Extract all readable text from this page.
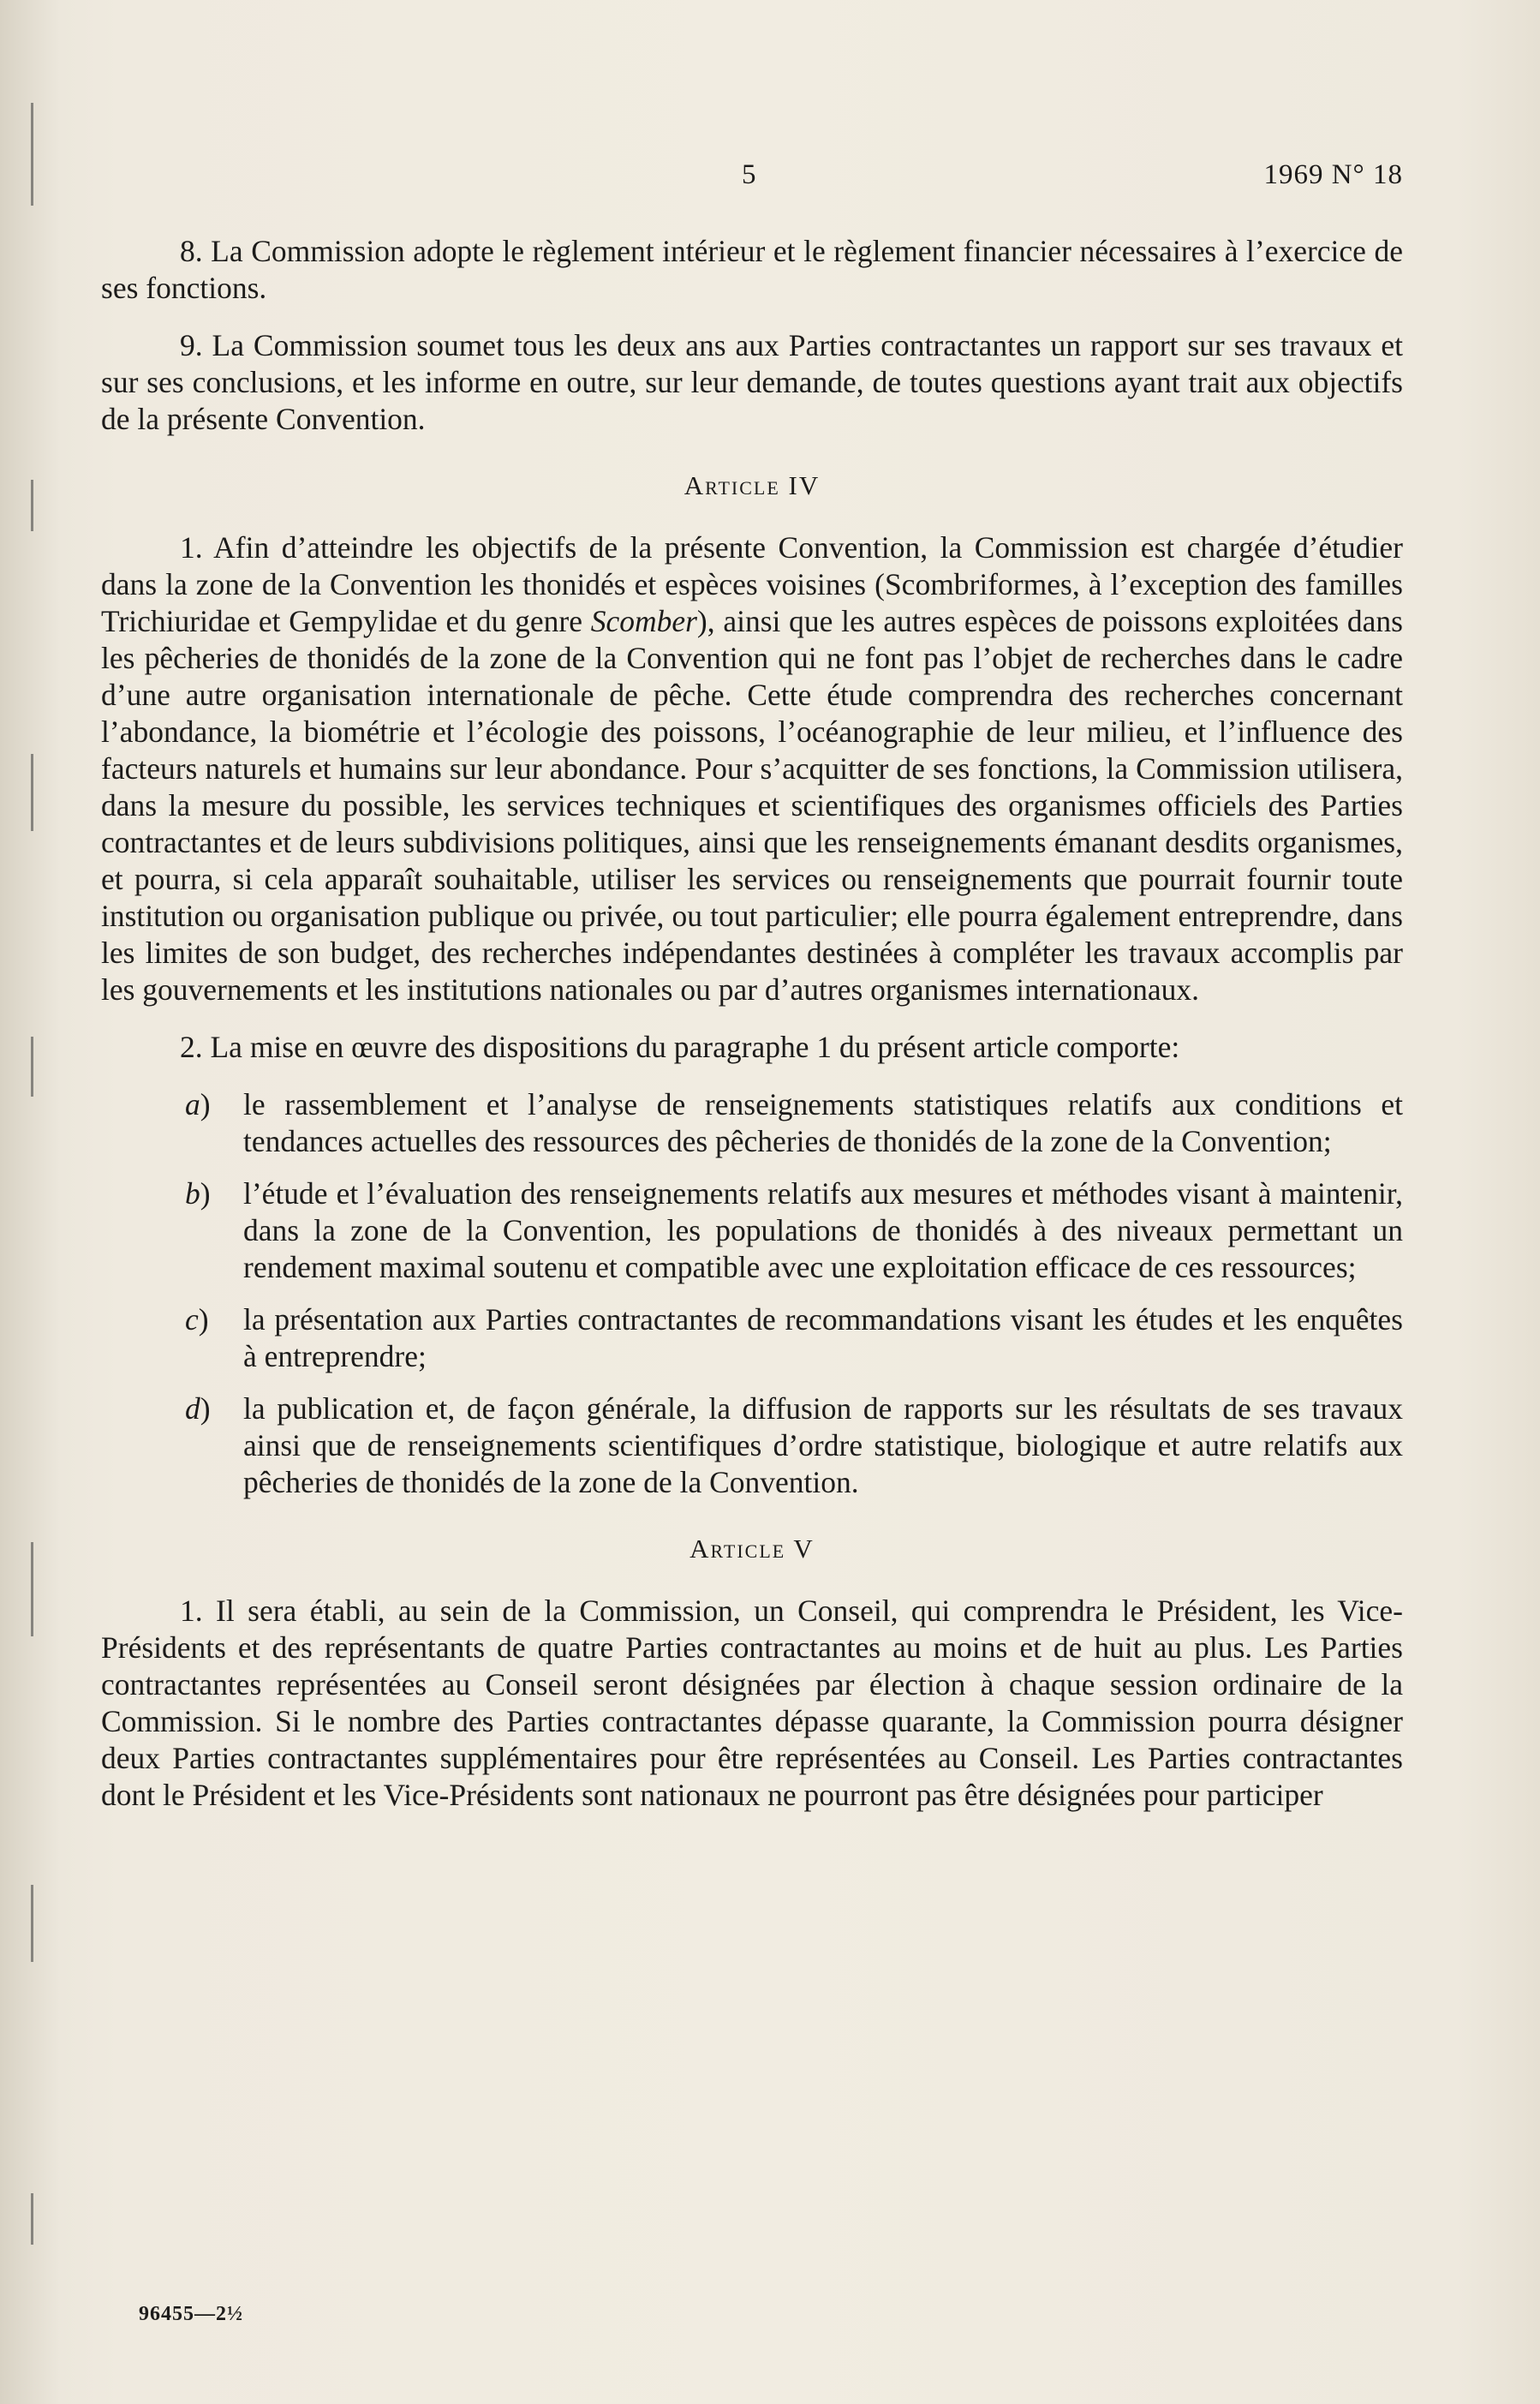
5	1969 N° 18

8. La Commission adopte le règlement intérieur et le règlement financier nécessaires à l’exercice de ses fonctions.

9. La Commission soumet tous les deux ans aux Parties contractantes un rapport sur ses travaux et sur ses conclusions, et les informe en outre, sur leur demande, de toutes questions ayant trait aux objectifs de la présente Convention.

Article IV

1. Afin d’atteindre les objectifs de la présente Convention, la Commission est chargée d’étudier dans la zone de la Convention les thonidés et espèces voisines (Scombriformes, à l’exception des familles Trichiuridae et Gempylidae et du genre Scomber), ainsi que les autres espèces de poissons exploitées dans les pêcheries de thonidés de la zone de la Convention qui ne font pas l’objet de recherches dans le cadre d’une autre organisation internationale de pêche. Cette étude comprendra des recherches concernant l’abondance, la biométrie et l’écologie des poissons, l’océanographie de leur milieu, et l’influence des facteurs naturels et humains sur leur abondance. Pour s’acquitter de ses fonctions, la Commission utilisera, dans la mesure du possible, les services techniques et scientifiques des organismes officiels des Parties contractantes et de leurs subdivisions politiques, ainsi que les renseignements émanant desdits organismes, et pourra, si cela apparaît souhaitable, utiliser les services ou renseignements que pourrait fournir toute institution ou organisation publique ou privée, ou tout particulier; elle pourra également entreprendre, dans les limites de son budget, des recherches indépendantes destinées à compléter les travaux accomplis par les gouvernements et les institutions nationales ou par d’autres organismes internationaux.

2. La mise en œuvre des dispositions du paragraphe 1 du présent article comporte:

a) le rassemblement et l’analyse de renseignements statistiques relatifs aux conditions et tendances actuelles des ressources des pêcheries de thonidés de la zone de la Convention;
b) l’étude et l’évaluation des renseignements relatifs aux mesures et méthodes visant à maintenir, dans la zone de la Convention, les populations de thonidés à des niveaux permettant un rendement maximal soutenu et compatible avec une exploitation efficace de ces ressources;
c) la présentation aux Parties contractantes de recommandations visant les études et les enquêtes à entreprendre;
d) la publication et, de façon générale, la diffusion de rapports sur les résultats de ses travaux ainsi que de renseignements scientifiques d’ordre statistique, biologique et autre relatifs aux pêcheries de thonidés de la zone de la Convention.
Article V

1. Il sera établi, au sein de la Commission, un Conseil, qui comprendra le Président, les Vice-Présidents et des représentants de quatre Parties contractantes au moins et de huit au plus. Les Parties contractantes représentées au Conseil seront désignées par élection à chaque session ordinaire de la Commission. Si le nombre des Parties contractantes dépasse quarante, la Commission pourra désigner deux Parties contractantes supplémentaires pour être représentées au Conseil. Les Parties contractantes dont le Président et les Vice-Présidents sont nationaux ne pourront pas être désignées pour participer

96455—2½
